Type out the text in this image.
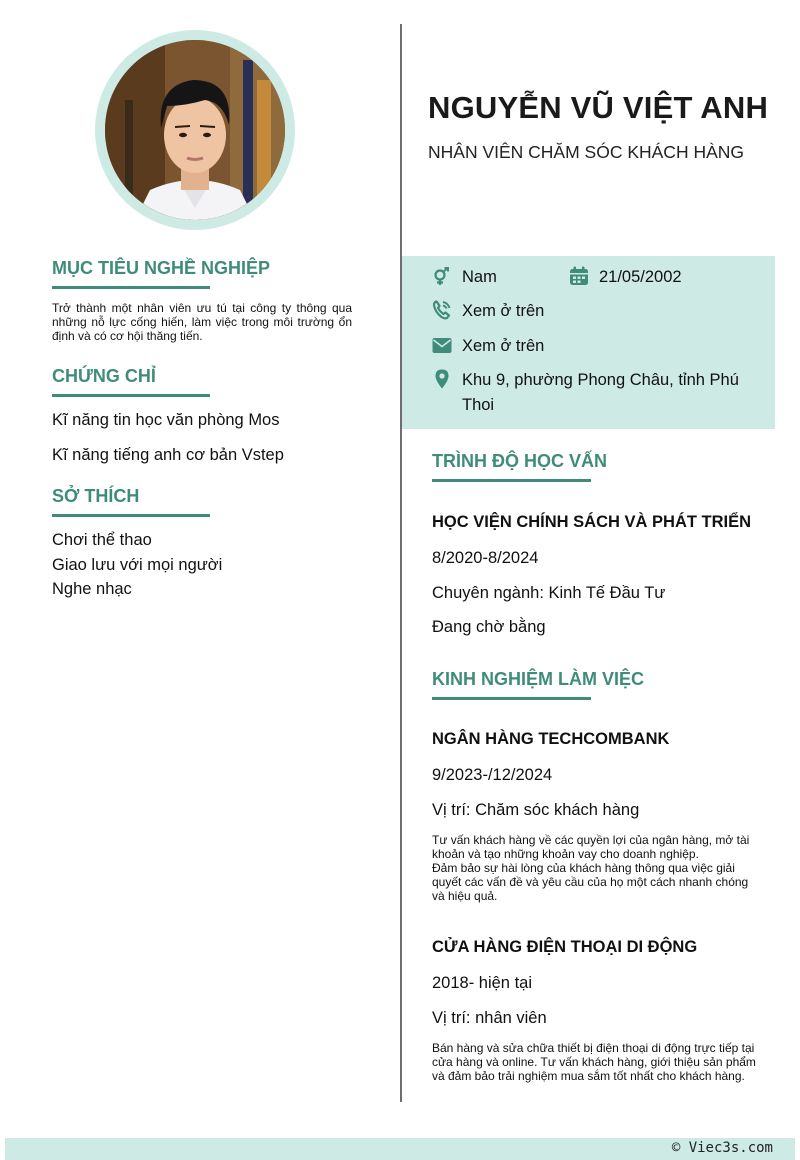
MỤC TIÊU NGHỀ NGHIỆP
Trở thành một nhân viên ưu tú tại công ty thông qua những nỗ lực cống hiến, làm việc trong môi trường ổn định và có cơ hội thăng tiến.
CHỨNG CHỈ
Kĩ năng tin học văn phòng Mos
Kĩ năng tiếng anh cơ bản Vstep
SỞ THÍCH
Chơi thể thao
Giao lưu với mọi người
Nghe nhạc
NGUYỄN VŨ VIỆT ANH
NHÂN VIÊN CHĂM SÓC KHÁCH HÀNG
Nam	21/05/2002
Xem ở trên
Xem ở trên
Khu 9, phường Phong Châu, tỉnh Phú Thoi
TRÌNH ĐỘ HỌC VẤN
HỌC VIỆN CHÍNH SÁCH VÀ PHÁT TRIỂN
8/2020-8/2024
Chuyên ngành: Kinh Tế Đầu Tư
Đang chờ bằng
KINH NGHIỆM LÀM VIỆC
NGÂN HÀNG TECHCOMBANK
9/2023-/12/2024
Vị trí: Chăm sóc khách hàng
Tư vấn khách hàng về các quyền lợi của ngân hàng, mở tài khoản và tạo những khoản vay cho doanh nghiệp.
Đảm bảo sự hài lòng của khách hàng thông qua việc giải quyết các vấn đề và yêu cầu của họ một cách nhanh chóng và hiệu quả.
CỬA HÀNG ĐIỆN THOẠI DI ĐỘNG
2018- hiện tại
Vị trí: nhân viên
Bán hàng và sửa chữa thiết bị điện thoại di động trực tiếp tại cửa hàng và online. Tư vấn khách hàng, giới thiệu sản phẩm và đảm bảo trải nghiệm mua sắm tốt nhất cho khách hàng.
© Viec3s.com
